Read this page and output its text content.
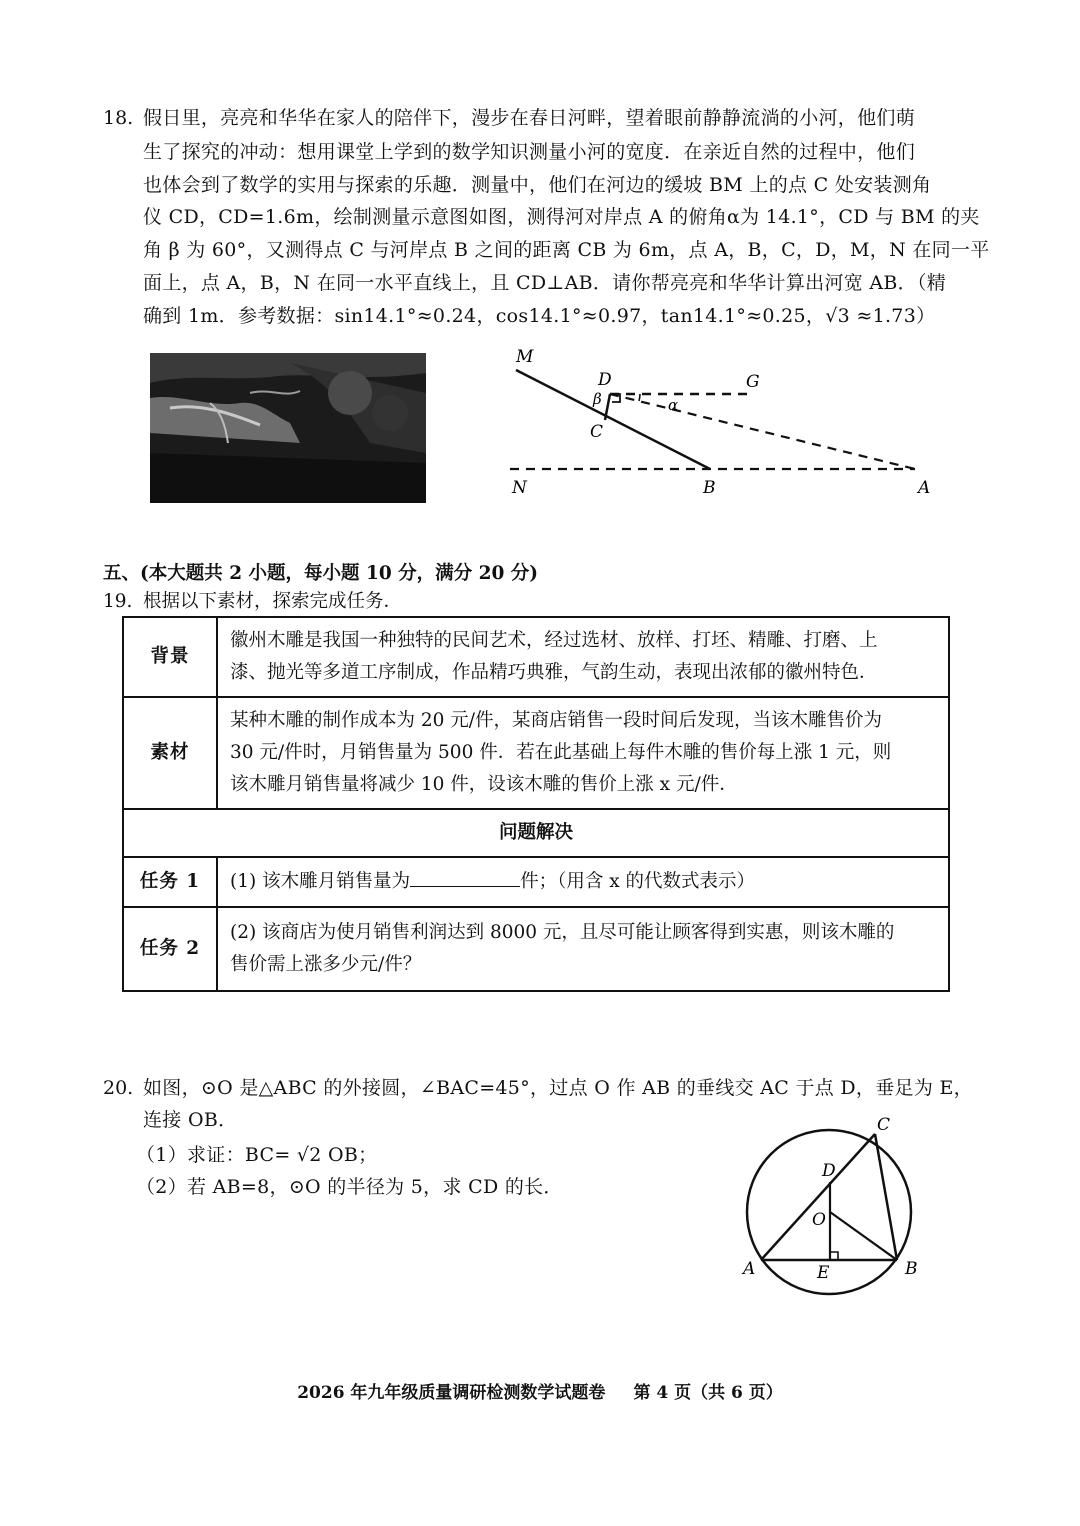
18. 假日里，亮亮和华华在家人的陪伴下，漫步在春日河畔，望着眼前静静流淌的小河，他们萌
生了探究的冲动：想用课堂上学到的数学知识测量小河的宽度．在亲近自然的过程中，他们
也体会到了数学的实用与探索的乐趣．测量中，他们在河边的缓坡 BM 上的点 C 处安装测角
仪 CD，CD=1.6m，绘制测量示意图如图，测得河对岸点 A 的俯角α为 14.1°，CD 与 BM 的夹
角 β 为 60°，又测得点 C 与河岸点 B 之间的距离 CB 为 6m，点 A，B，C，D，M，N 在同一平
面上，点 A，B，N 在同一水平直线上，且 CD⊥AB．请你帮亮亮和华华计算出河宽 AB．（精
确到 1m．参考数据：sin14.1°≈0.24，cos14.1°≈0.97，tan14.1°≈0.25，√3 ≈1.73）
M
D	G
β	α
C
N	B	A
五、(本大题共 2 小题，每小题 10 分，满分 20 分)
19. 根据以下素材，探索完成任务．
背景	徽州木雕是我国一种独特的民间艺术，经过选材、放样、打坯、精雕、打磨、上
漆、抛光等多道工序制成，作品精巧典雅，气韵生动，表现出浓郁的徽州特色．

素材	某种木雕的制作成本为 20 元/件，某商店销售一段时间后发现，当该木雕售价为
30 元/件时，月销售量为 500 件．若在此基础上每件木雕的售价每上涨 1 元，则
该木雕月销售量将减少 10 件，设该木雕的售价上涨 x 元/件．

问题解决	
任务 1	(1) 该木雕月销售量为 件；（用含 x 的代数式表示）
任务 2	(2) 该商店为使月销售利润达到 8000 元，且尽可能让顾客得到实惠，则该木雕的
售价需上涨多少元/件？
20. 如图，⊙O 是△ABC 的外接圆，∠BAC=45°，过点 O 作 AB 的垂线交 AC 于点 D，垂足为 E，
连接 OB．
（1）求证：BC= √2 OB；
（2）若 AB=8，⊙O 的半径为 5，求 CD 的长．
C
D
O
A	E	B
2026 年九年级质量调研检测数学试题卷 第 4 页（共 6 页）
